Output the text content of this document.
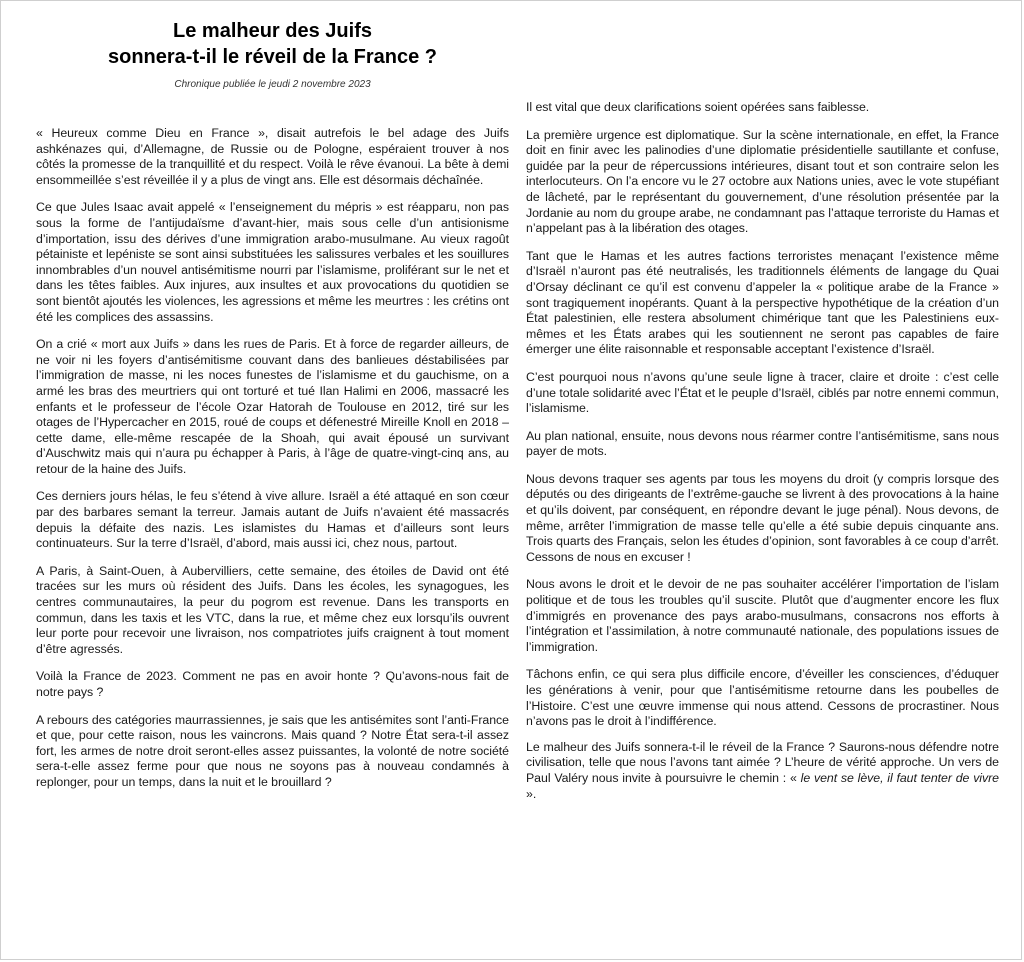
Le malheur des Juifs
sonnera-t-il le réveil de la France ?

Chronique publiée le jeudi 2 novembre 2023

« Heureux comme Dieu en France », disait autrefois le bel adage des Juifs ashkénazes qui, d’Allemagne, de Russie ou de Pologne, espéraient trouver à nos côtés la promesse de la tranquillité et du respect. Voilà le rêve évanoui. La bête à demi ensommeillée s’est réveillée il y a plus de vingt ans. Elle est désormais déchaînée.

Ce que Jules Isaac avait appelé « l’enseignement du mépris » est réapparu, non pas sous la forme de l’antijudaïsme d’avant-hier, mais sous celle d’un antisionisme d’importation, issu des dérives d’une immigration arabo-musulmane. Au vieux ragoût pétainiste et lepéniste se sont ainsi substituées les salissures verbales et les souillures innombrables d’un nouvel antisémitisme nourri par l’islamisme, proliférant sur le net et dans les têtes faibles. Aux injures, aux insultes et aux provocations du quotidien se sont bientôt ajoutés les violences, les agressions et même les meurtres : les crétins ont été les complices des assassins.

On a crié « mort aux Juifs » dans les rues de Paris. Et à force de regarder ailleurs, de ne voir ni les foyers d’antisémitisme couvant dans des banlieues déstabilisées par l’immigration de masse, ni les noces funestes de l’islamisme et du gauchisme, on a armé les bras des meurtriers qui ont torturé et tué Ilan Halimi en 2006, massacré les enfants et le professeur de l’école Ozar Hatorah de Toulouse en 2012, tiré sur les otages de l’Hypercacher en 2015, roué de coups et défenestré Mireille Knoll en 2018 – cette dame, elle-même rescapée de la Shoah, qui avait épousé un survivant d’Auschwitz mais qui n’aura pu échapper à Paris, à l’âge de quatre-vingt-cinq ans, au retour de la haine des Juifs.

Ces derniers jours hélas, le feu s’étend à vive allure. Israël a été attaqué en son cœur par des barbares semant la terreur. Jamais autant de Juifs n’avaient été massacrés depuis la défaite des nazis. Les islamistes du Hamas et d’ailleurs sont leurs continuateurs. Sur la terre d’Israël, d’abord, mais aussi ici, chez nous, partout.

A Paris, à Saint-Ouen, à Aubervilliers, cette semaine, des étoiles de David ont été tracées sur les murs où résident des Juifs. Dans les écoles, les synagogues, les centres communautaires, la peur du pogrom est revenue. Dans les transports en commun, dans les taxis et les VTC, dans la rue, et même chez eux lorsqu’ils ouvrent leur porte pour recevoir une livraison, nos compatriotes juifs craignent à tout moment d’être agressés.

Voilà la France de 2023. Comment ne pas en avoir honte ? Qu’avons-nous fait de notre pays ?

A rebours des catégories maurrassiennes, je sais que les antisémites sont l’anti-France et que, pour cette raison, nous les vaincrons. Mais quand ? Notre État sera-t-il assez fort, les armes de notre droit seront-elles assez puissantes, la volonté de notre société sera-t-elle assez ferme pour que nous ne soyons pas à nouveau condamnés à replonger, pour un temps, dans la nuit et le brouillard ?

Il est vital que deux clarifications soient opérées sans faiblesse.

La première urgence est diplomatique. Sur la scène internationale, en effet, la France doit en finir avec les palinodies d’une diplomatie présidentielle sautillante et confuse, guidée par la peur de répercussions intérieures, disant tout et son contraire selon les interlocuteurs. On l’a encore vu le 27 octobre aux Nations unies, avec le vote stupéfiant de lâcheté, par le représentant du gouvernement, d’une résolution présentée par la Jordanie au nom du groupe arabe, ne condamnant pas l’attaque terroriste du Hamas et n’appelant pas à la libération des otages.

Tant que le Hamas et les autres factions terroristes menaçant l’existence même d’Israël n’auront pas été neutralisés, les traditionnels éléments de langage du Quai d’Orsay déclinant ce qu’il est convenu d’appeler la « politique arabe de la France » sont tragiquement inopérants. Quant à la perspective hypothétique de la création d’un État palestinien, elle restera absolument chimérique tant que les Palestiniens eux-mêmes et les États arabes qui les soutiennent ne seront pas capables de faire émerger une élite raisonnable et responsable acceptant l’existence d’Israël.

C’est pourquoi nous n’avons qu’une seule ligne à tracer, claire et droite : c’est celle d’une totale solidarité avec l’État et le peuple d’Israël, ciblés par notre ennemi commun, l’islamisme.

Au plan national, ensuite, nous devons nous réarmer contre l’antisémitisme, sans nous payer de mots.

Nous devons traquer ses agents par tous les moyens du droit (y compris lorsque des députés ou des dirigeants de l’extrême-gauche se livrent à des provocations à la haine et qu’ils doivent, par conséquent, en répondre devant le juge pénal). Nous devons, de même, arrêter l’immigration de masse telle qu’elle a été subie depuis cinquante ans. Trois quarts des Français, selon les études d’opinion, sont favorables à ce coup d’arrêt. Cessons de nous en excuser !

Nous avons le droit et le devoir de ne pas souhaiter accélérer l’importation de l’islam politique et de tous les troubles qu’il suscite. Plutôt que d’augmenter encore les flux d’immigrés en provenance des pays arabo-musulmans, consacrons nos efforts à l’intégration et l’assimilation, à notre communauté nationale, des populations issues de l’immigration.

Tâchons enfin, ce qui sera plus difficile encore, d’éveiller les consciences, d’éduquer les générations à venir, pour que l’antisémitisme retourne dans les poubelles de l’Histoire. C’est une œuvre immense qui nous attend. Cessons de procrastiner. Nous n’avons pas le droit à l’indifférence.

Le malheur des Juifs sonnera-t-il le réveil de la France ? Saurons-nous défendre notre civilisation, telle que nous l’avons tant aimée ? L’heure de vérité approche. Un vers de Paul Valéry nous invite à poursuivre le chemin : « le vent se lève, il faut tenter de vivre ».
